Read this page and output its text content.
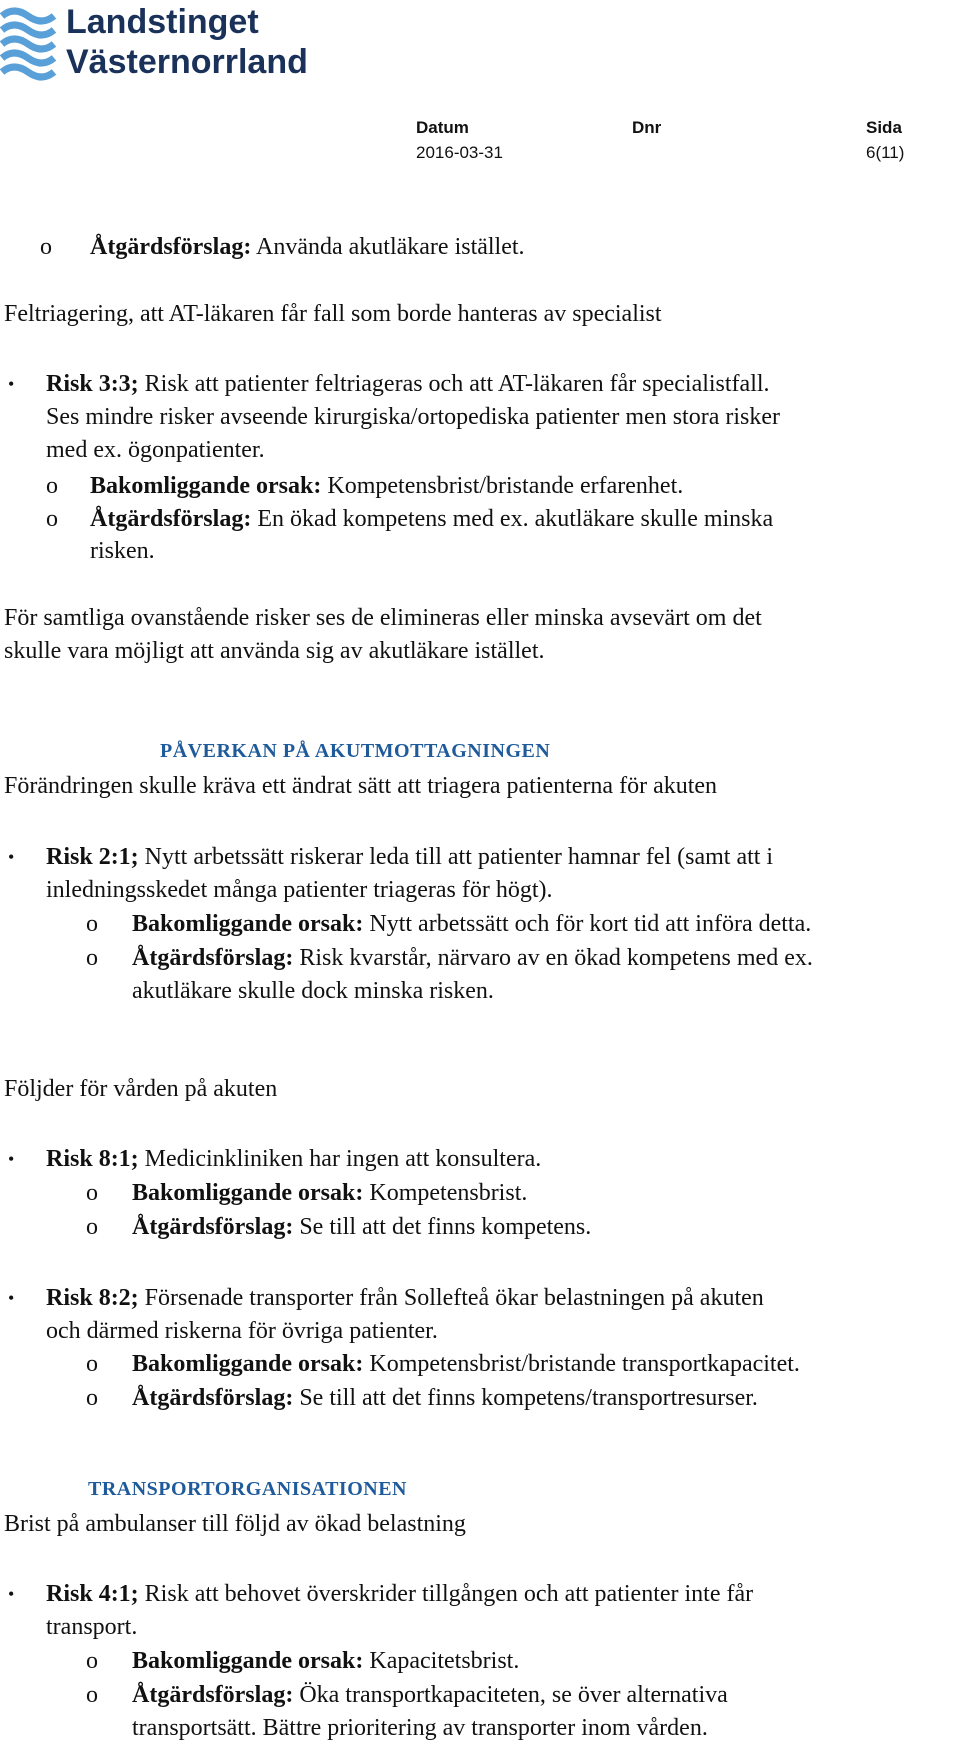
Landstinget
Västernorrland
Datum
2016-03-31
Dnr	Sida
6(11)
o Åtgärdsförslag: Använda akutläkare istället.
Feltriagering, att AT-läkaren får fall som borde hanteras av specialist
• Risk 3:3; Risk att patienter feltriageras och att AT-läkaren får specialistfall.
Ses mindre risker avseende kirurgiska/ortopediska patienter men stora risker
med ex. ögonpatienter.
o Bakomliggande orsak: Kompetensbrist/bristande erfarenhet.
o Åtgärdsförslag: En ökad kompetens med ex. akutläkare skulle minska
risken.
För samtliga ovanstående risker ses de elimineras eller minska avsevärt om det
skulle vara möjligt att använda sig av akutläkare istället.
PÅVERKAN PÅ AKUTMOTTAGNINGEN
Förändringen skulle kräva ett ändrat sätt att triagera patienterna för akuten
• Risk 2:1; Nytt arbetssätt riskerar leda till att patienter hamnar fel (samt att i
inledningsskedet många patienter triageras för högt).
o Bakomliggande orsak: Nytt arbetssätt och för kort tid att införa detta.
o Åtgärdsförslag: Risk kvarstår, närvaro av en ökad kompetens med ex.
akutläkare skulle dock minska risken.
Följder för vården på akuten
• Risk 8:1; Medicinkliniken har ingen att konsultera.
o Bakomliggande orsak: Kompetensbrist.
o Åtgärdsförslag: Se till att det finns kompetens.
• Risk 8:2; Försenade transporter från Sollefteå ökar belastningen på akuten
och därmed riskerna för övriga patienter.
o Bakomliggande orsak: Kompetensbrist/bristande transportkapacitet.
o Åtgärdsförslag: Se till att det finns kompetens/transportresurser.
TRANSPORTORGANISATIONEN
Brist på ambulanser till följd av ökad belastning
• Risk 4:1; Risk att behovet överskrider tillgången och att patienter inte får
transport.
o Bakomliggande orsak: Kapacitetsbrist.
o Åtgärdsförslag: Öka transportkapaciteten, se över alternativa
transportsätt. Bättre prioritering av transporter inom vården.
